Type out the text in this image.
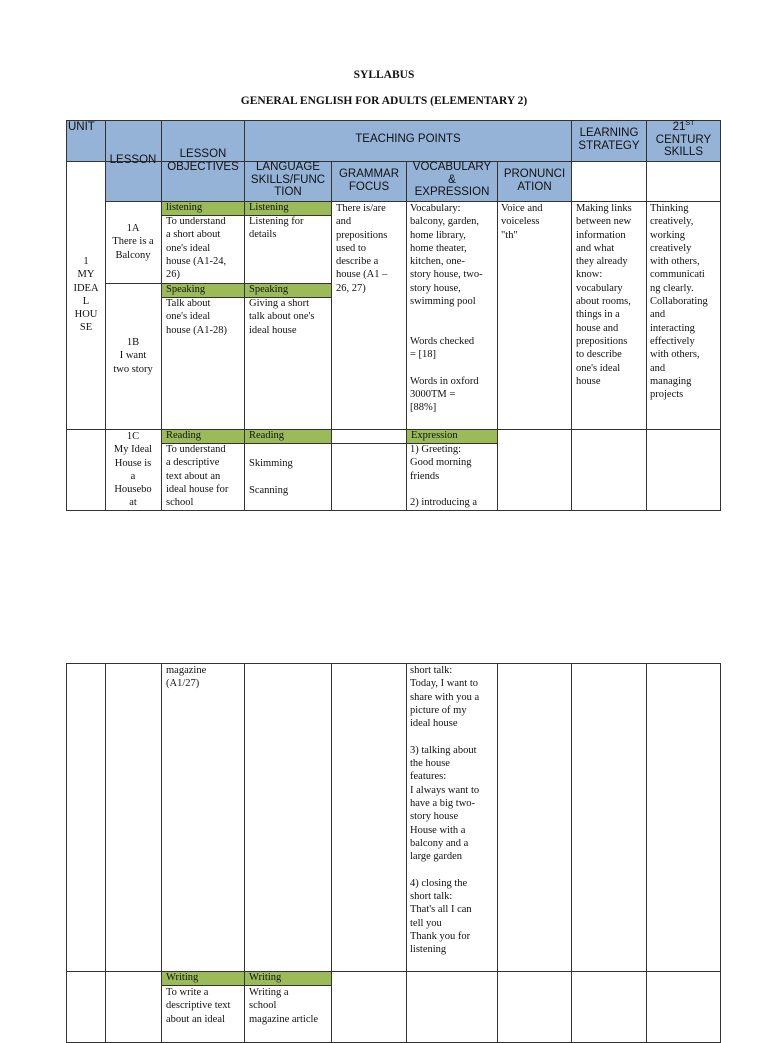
SYLLABUS
GENERAL ENGLISH FOR ADULTS (ELEMENTARY 2)
UNIT
LESSON	LESSON
OBJECTIVES
TEACHING POINTS	LEARNING
STRATEGY
21ST
CENTURY
SKILLS
LANGUAGE
SKILLS/FUNC
TION
GRAMMAR
FOCUS
VOCABULARY
&
EXPRESSION
PRONUNCI
ATION
1
MY
IDEA
L
HOU
SE
1A
There is a
Balcony
listening
To understand
a short about
one's ideal
house (A1-24,
26)
Listening
Listening for
details
1B
I want
two story
Speaking
Talk about
one's ideal
house (A1-28)
Speaking
Giving a short
talk about one's
ideal house
There is/are
and
prepositions
used to
describe a
house (A1 –
26, 27)
Vocabulary:
balcony, garden,
home library,
home theater,
kitchen, one-
story house, two-
story house,
swimming pool

Words checked
= [18]

Words in oxford
3000TM =
[88%]
Voice and
voiceless
"th"
Making links
between new
information
and what
they already
know:
vocabulary
about rooms,
things in a
house and
prepositions
to describe
one's ideal
house
Thinking
creatively,
working
creatively
with others,
communicati
ng clearly.
Collaborating
and
interacting
effectively
with others,
and
managing
projects
1C
My Ideal
House is
a
Housebo
at
Reading
To understand
a descriptive
text about an
ideal house for
school
Reading
Skimming
Scanning
Expression
1) Greeting:
Good morning
friends

2) introducing a
magazine
(A1/27)
short talk:
Today, I want to
share with you a
picture of my
ideal house

3) talking about
the house
features:
I always want to
have a big two-
story house
House with a
balcony and a
large garden

4) closing the
short talk:
That's all I can
tell you
Thank you for
listening
Writing
To write a
descriptive text
about an ideal
Writing
Writing a
school
magazine article
